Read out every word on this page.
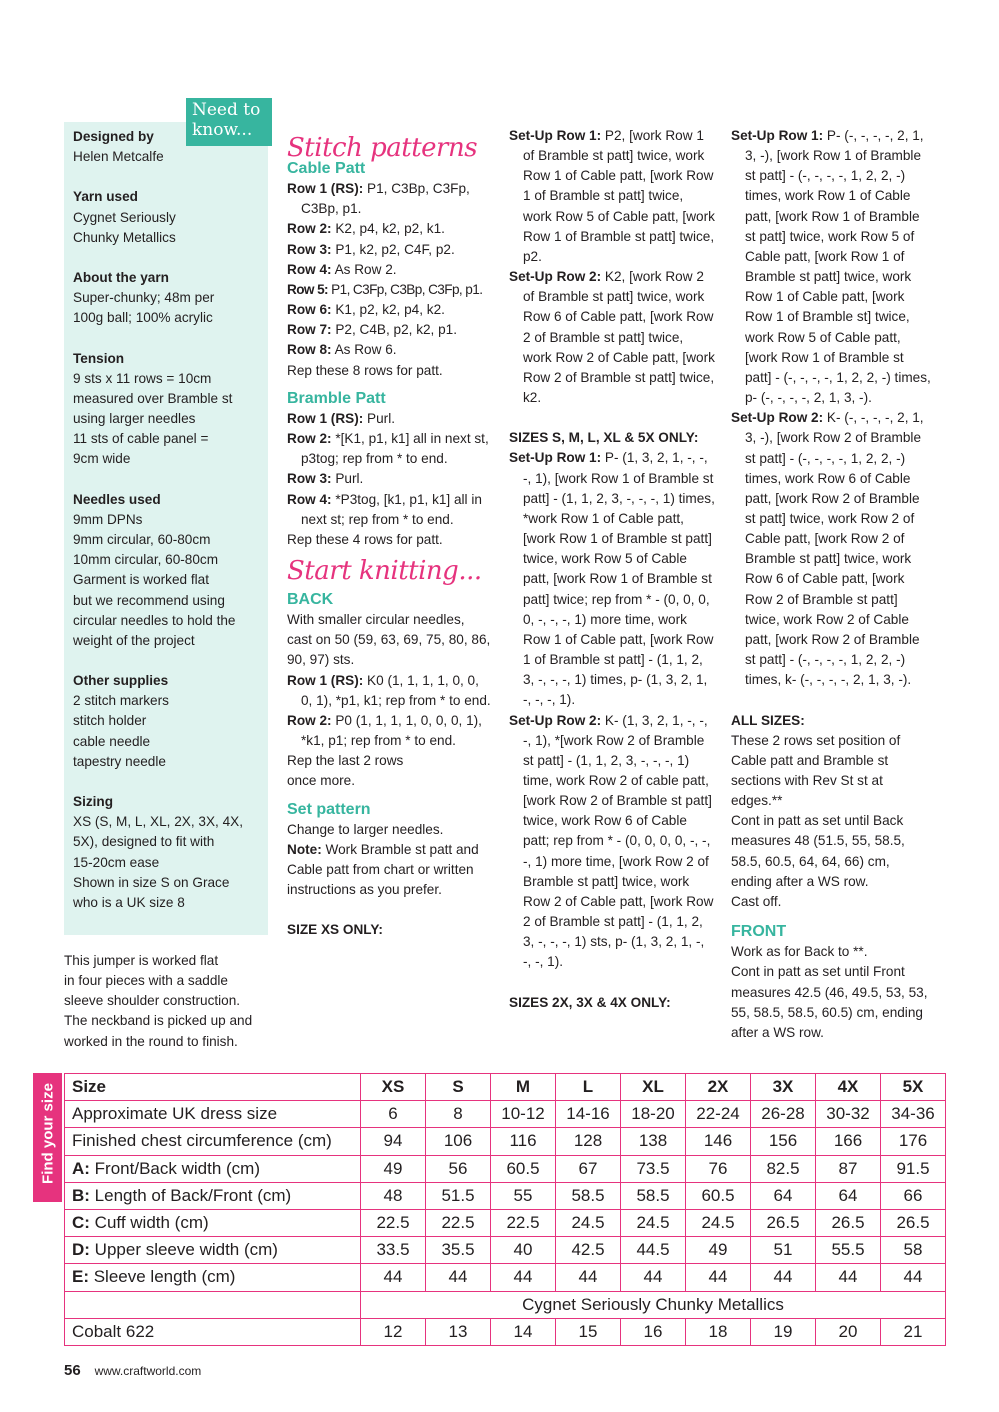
Need to
know...
Designed by
Helen Metcalfe
Yarn used
Cygnet Seriously
Chunky Metallics
About the yarn
Super-chunky; 48m per
100g ball; 100% acrylic
Tension
9 sts x 11 rows = 10cm
measured over Bramble st
using larger needles
11 sts of cable panel =
9cm wide
Needles used
9mm DPNs
9mm circular, 60-80cm
10mm circular, 60-80cm
Garment is worked flat
but we recommend using
circular needles to hold the
weight of the project
Other supplies
2 stitch markers
stitch holder
cable needle
tapestry needle
Sizing
XS (S, M, L, XL, 2X, 3X, 4X,
5X), designed to fit with
15-20cm ease
Shown in size S on Grace
who is a UK size 8
This jumper is worked flat
in four pieces with a saddle
sleeve shoulder construction.
The neckband is picked up and
worked in the round to finish.
Stitch patterns
Cable Patt

Row 1 (RS): P1, C3Bp, C3Fp, C3Bp, p1.

Row 2: K2, p4, k2, p2, k1.

Row 3: P1, k2, p2, C4F, p2.

Row 4: As Row 2.

Row 5: P1, C3Fp, C3Bp, C3Fp, p1.

Row 6: K1, p2, k2, p4, k2.

Row 7: P2, C4B, p2, k2, p1.

Row 8: As Row 6.

Rep these 8 rows for patt.

Bramble Patt

Row 1 (RS): Purl.

Row 2: *[K1, p1, k1] all in next st, p3tog; rep from * to end.

Row 3: Purl.

Row 4: *P3tog, [k1, p1, k1] all in next st; rep from * to end.

Rep these 4 rows for patt.

Start knitting...
BACK

With smaller circular needles, cast on 50 (59, 63, 69, 75, 80, 86, 90, 97) sts.

Row 1 (RS): K0 (1, 1, 1, 1, 0, 0, 0, 1), *p1, k1; rep from * to end.

Row 2: P0 (1, 1, 1, 1, 0, 0, 0, 1), *k1, p1; rep from * to end.

Rep the last 2 rows

once more.

Set pattern

Change to larger needles.

Note: Work Bramble st patt and Cable patt from chart or written instructions as you prefer.

SIZE XS ONLY:

Set-Up Row 1: P2, [work Row 1 of Bramble st patt] twice, work Row 1 of Cable patt, [work Row 1 of Bramble st patt] twice, work Row 5 of Cable patt, [work Row 1 of Bramble st patt] twice, p2.

Set-Up Row 2: K2, [work Row 2 of Bramble st patt] twice, work Row 6 of Cable patt, [work Row 2 of Bramble st patt] twice, work Row 2 of Cable patt, [work Row 2 of Bramble st patt] twice, k2.

SIZES S, M, L, XL & 5X ONLY:

Set-Up Row 1: P- (1, 3, 2, 1, -, -, -, 1), [work Row 1 of Bramble st patt] - (1, 1, 2, 3, -, -, -, 1) times, *work Row 1 of Cable patt, [work Row 1 of Bramble st patt] twice, work Row 5 of Cable patt, [work Row 1 of Bramble st patt] twice; rep from * - (0, 0, 0, 0, -, -, -, 1) more time, work Row 1 of Cable patt, [work Row 1 of Bramble st patt] - (1, 1, 2, 3, -, -, -, 1) times, p- (1, 3, 2, 1, -, -, -, 1).

Set-Up Row 2: K- (1, 3, 2, 1, -, -, -, 1), *[work Row 2 of Bramble st patt] - (1, 1, 2, 3, -, -, -, 1) time, work Row 2 of cable patt, [work Row 2 of Bramble st patt] twice, work Row 6 of Cable patt; rep from * - (0, 0, 0, 0, -, -, -, 1) more time, [work Row 2 of Bramble st patt] twice, work Row 2 of Cable patt, [work Row 2 of Bramble st patt] - (1, 1, 2, 3, -, -, -, 1) sts, p- (1, 3, 2, 1, -, -, -, 1).

SIZES 2X, 3X & 4X ONLY:

Set-Up Row 1: P- (-, -, -, -, 2, 1, 3, -), [work Row 1 of Bramble st patt] - (-, -, -, -, 1, 2, 2, -) times, work Row 1 of Cable patt, [work Row 1 of Bramble st patt] twice, work Row 5 of Cable patt, [work Row 1 of Bramble st patt] twice, work Row 1 of Cable patt, [work Row 1 of Bramble st] twice, work Row 5 of Cable patt, [work Row 1 of Bramble st patt] - (-, -, -, -, 1, 2, 2, -) times, p- (-, -, -, -, 2, 1, 3, -).

Set-Up Row 2: K- (-, -, -, -, 2, 1, 3, -), [work Row 2 of Bramble st patt] - (-, -, -, -, 1, 2, 2, -) times, work Row 6 of Cable patt, [work Row 2 of Bramble st patt] twice, work Row 2 of Cable patt, [work Row 2 of Bramble st patt] twice, work Row 6 of Cable patt, [work Row 2 of Bramble st patt] twice, work Row 2 of Cable patt, [work Row 2 of Bramble st patt] - (-, -, -, -, 1, 2, 2, -) times, k- (-, -, -, -, 2, 1, 3, -).

ALL SIZES:

These 2 rows set position of Cable patt and Bramble st sections with Rev St st at edges.**

Cont in patt as set until Back measures 48 (51.5, 55, 58.5, 58.5, 60.5, 64, 64, 66) cm, ending after a WS row.

Cast off.

FRONT

Work as for Back to **.

Cont in patt as set until Front measures 42.5 (46, 49.5, 53, 53, 55, 58.5, 58.5, 60.5) cm, ending after a WS row.

Find your size Size	XS	S	M	L	XL	2X	3X	4X	5X
Approximate UK dress size	6	8	10-12	14-16	18-20	22-24	26-28	30-32	34-36
Finished chest circumference (cm)	94	106	116	128	138	146	156	166	176
A: Front/Back width (cm)	49	56	60.5	67	73.5	76	82.5	87	91.5
B: Length of Back/Front (cm)	48	51.5	55	58.5	58.5	60.5	64	64	66
C: Cuff width (cm)	22.5	22.5	22.5	24.5	24.5	24.5	26.5	26.5	26.5
D: Upper sleeve width (cm)	33.5	35.5	40	42.5	44.5	49	51	55.5	58
E: Sleeve length (cm)	44	44	44	44	44	44	44	44	44
	Cygnet Seriously Chunky Metallics								
Cobalt 622	12	13	14	15	16	18	19	20	21
56 www.craftworld.com
